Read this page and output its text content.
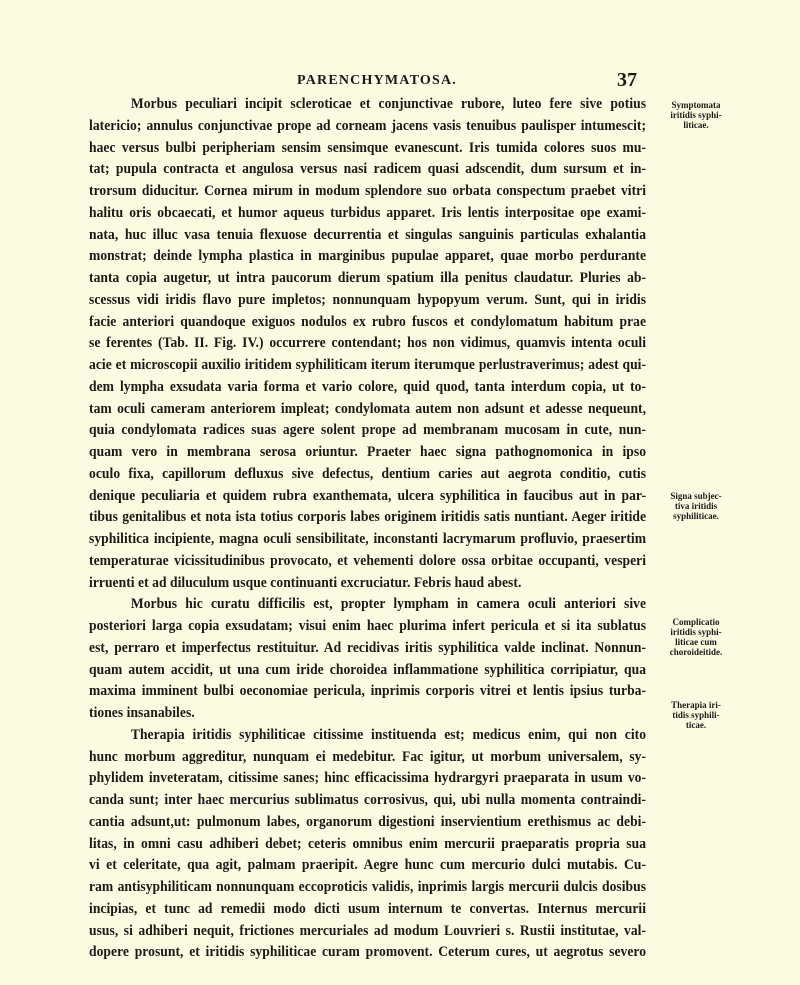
PARENCHYMATOSA.	37
Morbus peculiari incipit scleroticae et conjunctivae rubore, luteo fere sive potius
latericio; annulus conjunctivae prope ad corneam jacens vasis tenuibus paulisper intumescit;
haec versus bulbi peripheriam sensim sensimque evanescunt. Iris tumida colores suos mu-
tat; pupula contracta et angulosa versus nasi radicem quasi adscendit, dum sursum et in-
trorsum diducitur. Cornea mirum in modum splendore suo orbata conspectum praebet vitri
halitu oris obcaecati, et humor aqueus turbidus apparet. Iris lentis interpositae ope exami-
nata, huc illuc vasa tenuia flexuose decurrentia et singulas sanguinis particulas exhalantia
monstrat; deinde lympha plastica in marginibus pupulae apparet, quae morbo perdurante
tanta copia augetur, ut intra paucorum dierum spatium illa penitus claudatur. Pluries ab-
scessus vidi iridis flavo pure impletos; nonnunquam hypopyum verum. Sunt, qui in iridis
facie anteriori quandoque exiguos nodulos ex rubro fuscos et condylomatum habitum prae
se ferentes (Tab. II. Fig. IV.) occurrere contendant; hos non vidimus, quamvis intenta oculi
acie et microscopii auxilio iritidem syphiliticam iterum iterumque perlustraverimus; adest qui-
dem lympha exsudata varia forma et vario colore, quid quod, tanta interdum copia, ut to-
tam oculi cameram anteriorem impleat; condylomata autem non adsunt et adesse nequeunt,
quia condylomata radices suas agere solent prope ad membranam mucosam in cute, nun-
quam vero in membrana serosa oriuntur. Praeter haec signa pathognomonica in ipso
oculo fixa, capillorum defluxus sive defectus, dentium caries aut aegrota conditio, cutis
denique peculiaria et quidem rubra exanthemata, ulcera syphilitica in faucibus aut in par-
tibus genitalibus et nota ista totius corporis labes originem iritidis satis nuntiant. Aeger iritide
syphilitica incipiente, magna oculi sensibilitate, inconstanti lacrymarum profluvio, praesertim
temperaturae vicissitudinibus provocato, et vehementi dolore ossa orbitae occupanti, vesperi
irruenti et ad diluculum usque continuanti excruciatur. Febris haud abest.
Morbus hic curatu difficilis est, propter lympham in camera oculi anteriori sive
posteriori larga copia exsudatam; visui enim haec plurima infert pericula et si ita sublatus
est, perraro et imperfectus restituitur. Ad recidivas iritis syphilitica valde inclinat. Nonnun-
quam autem accidit, ut una cum iride choroidea inflammatione syphilitica corripiatur, qua
maxima imminent bulbi oeconomiae pericula, inprimis corporis vitrei et lentis ipsius turba-
tiones insanabiles.
Therapia iritidis syphiliticae citissime instituenda est; medicus enim, qui non cito
hunc morbum aggreditur, nunquam ei medebitur. Fac igitur, ut morbum universalem, sy-
phylidem inveteratam, citissime sanes; hinc efficacissima hydrargyri praeparata in usum vo-
canda sunt; inter haec mercurius sublimatus corrosivus, qui, ubi nulla momenta contraindi-
cantia adsunt,ut: pulmonum labes, organorum digestioni inservientium erethismus ac debi-
litas, in omni casu adhiberi debet; ceteris omnibus enim mercurii praeparatis propria sua
vi et celeritate, qua agit, palmam praeripit. Aegre hunc cum mercurio dulci mutabis. Cu-
ram antisyphiliticam nonnunquam eccoproticis validis, inprimis largis mercurii dulcis dosibus
incipias, et tunc ad remedii modo dicti usum internum te convertas. Internus mercurii
usus, si adhiberi nequit, frictiones mercuriales ad modum Louvrieri s. Rustii institutae, val-
dopere prosunt, et iritidis syphiliticae curam promovent. Ceterum cures, ut aegrotus severo
Symptomata
iritidis syphi-
liticae.
Signa subjec-
tiva iritidis
syphiliticae.
Complicatio
iritidis syphi-
liticae cum
choroideitide.
Therapia iri-
tidis syphili-
ticae.
